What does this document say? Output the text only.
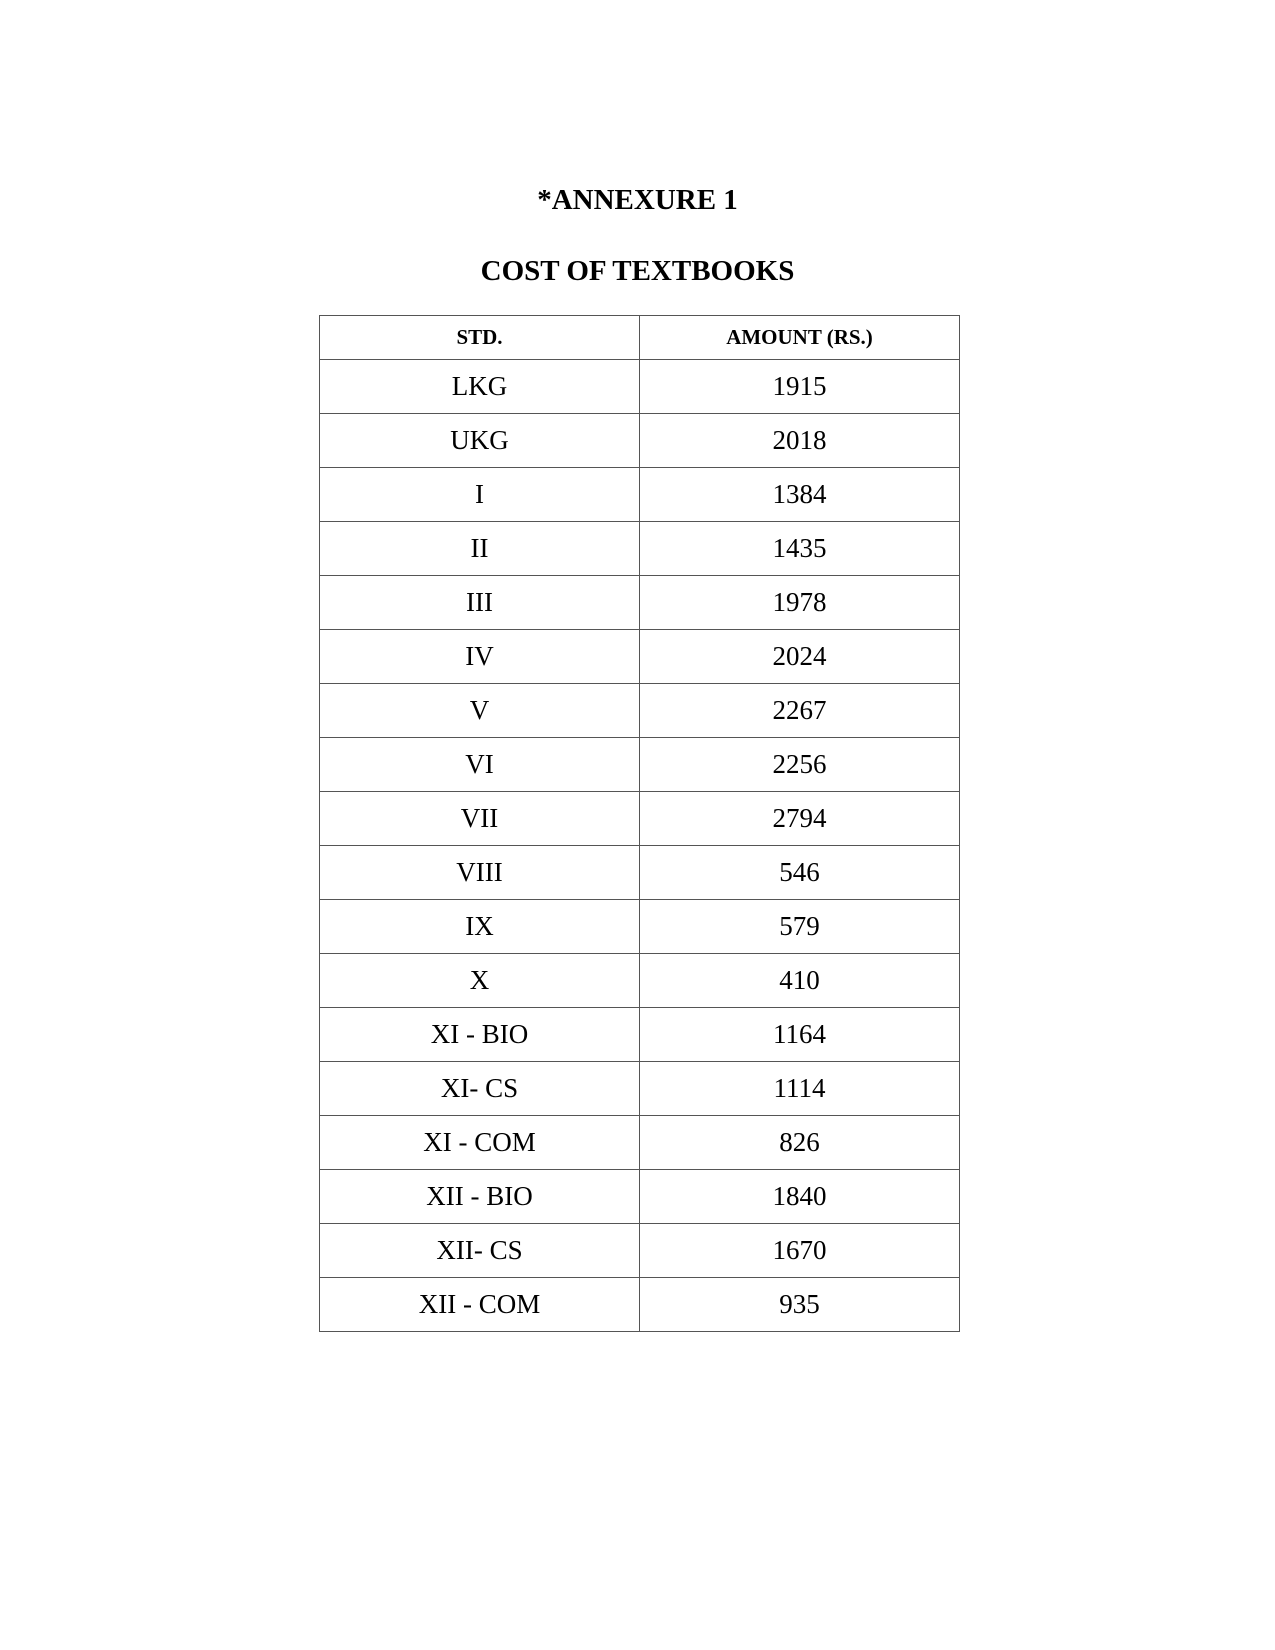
*ANNEXURE 1
COST OF TEXTBOOKS
STD.	AMOUNT (RS.)
LKG	1915
UKG	2018
I	1384
II	1435
III	1978
IV	2024
V	2267
VI	2256
VII	2794
VIII	546
IX	579
X	410
XI - BIO	1164
XI- CS	1114
XI - COM	826
XII - BIO	1840
XII- CS	1670
XII - COM	935
